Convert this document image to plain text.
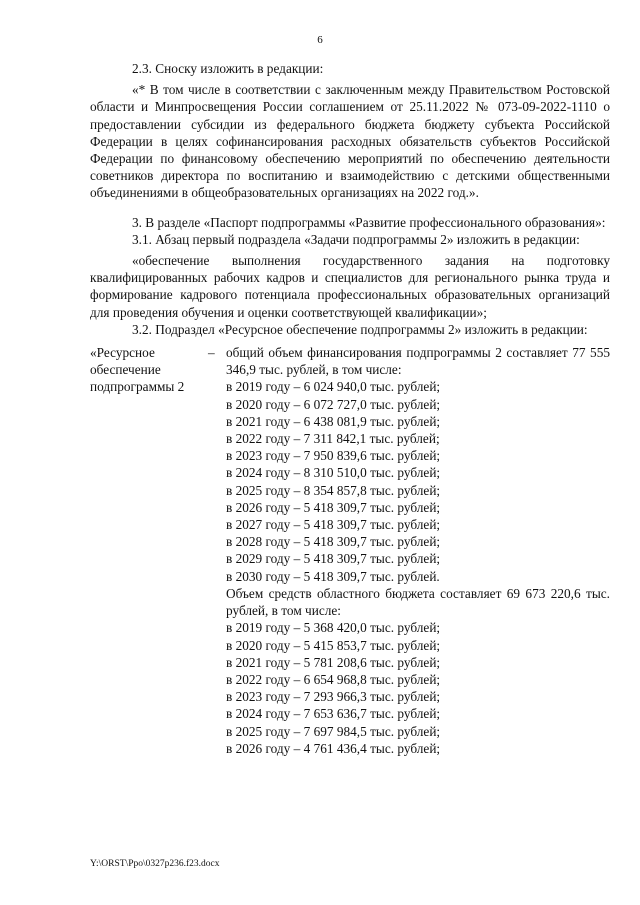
6

2.3. Сноску изложить в редакции:

«* В том числе в соответствии с заключенным между Правительством Ростовской области и Минпросвещения России соглашением от 25.11.2022 № 073-09-2022-1110 о предоставлении субсидии из федерального бюджета бюджету субъекта Российской Федерации в целях софинансирования расходных обязательств субъектов Российской Федерации по финансовому обеспечению мероприятий по обеспечению деятельности советников директора по воспитанию и взаимодействию с детскими общественными объединениями в общеобразовательных организациях на 2022 год.».

3. В разделе «Паспорт подпрограммы «Развитие профессионального образования»:

3.1. Абзац первый подраздела «Задачи подпрограммы 2» изложить в редакции:

«обеспечение выполнения государственного задания на подготовку квалифицированных рабочих кадров и специалистов для регионального рынка труда и формирование кадрового потенциала профессиональных образовательных организаций для проведения обучения и оценки соответствующей квалификации»;

3.2. Подраздел «Ресурсное обеспечение подпрограммы 2» изложить в редакции:

«Ресурсное обеспечение подпрограммы 2
– общий объем финансирования подпрограммы 2 составляет 77 555 346,9 тыс. рублей, в том числе:

в 2019 году – 6 024 940,0 тыс. рублей;
в 2020 году – 6 072 727,0 тыс. рублей;
в 2021 году – 6 438 081,9 тыс. рублей;
в 2022 году – 7 311 842,1 тыс. рублей;
в 2023 году – 7 950 839,6 тыс. рублей;
в 2024 году – 8 310 510,0 тыс. рублей;
в 2025 году – 8 354 857,8 тыс. рублей;
в 2026 году – 5 418 309,7 тыс. рублей;
в 2027 году – 5 418 309,7 тыс. рублей;
в 2028 году – 5 418 309,7 тыс. рублей;
в 2029 году – 5 418 309,7 тыс. рублей;
в 2030 году – 5 418 309,7 тыс. рублей.

Объем средств областного бюджета составляет 69 673 220,6 тыс. рублей, в том числе:

в 2019 году – 5 368 420,0 тыс. рублей;
в 2020 году – 5 415 853,7 тыс. рублей;
в 2021 году – 5 781 208,6 тыс. рублей;
в 2022 году – 6 654 968,8 тыс. рублей;
в 2023 году – 7 293 966,3 тыс. рублей;
в 2024 году – 7 653 636,7 тыс. рублей;
в 2025 году – 7 697 984,5 тыс. рублей;
в 2026 году – 4 761 436,4 тыс. рублей;
Y:\ORST\Ppo\0327p236.f23.docx
